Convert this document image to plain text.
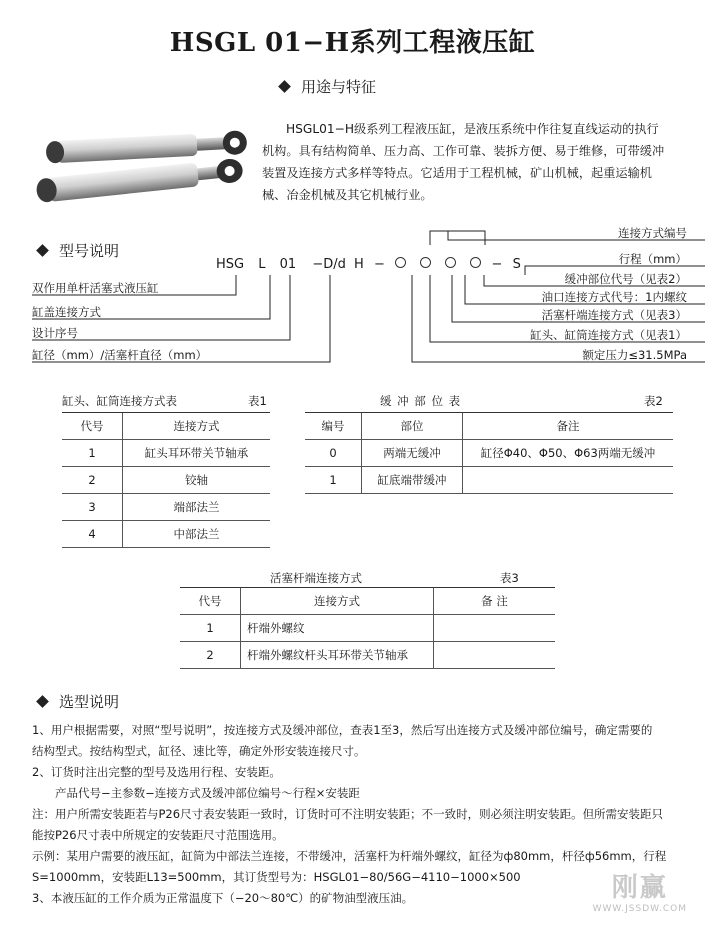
HSGL 01−H系列工程液压缸
用途与特征
HSGL01−H级系列工程液压缸，是液压系统中作往复直线运动的执行
机构。具有结构简单、压力高、工作可靠、装拆方便、易于维修，可带缓冲
装置及连接方式多样等特点。它适用于工程机械，矿山机械，起重运输机
械、冶金机械及其它机械行业。
型号说明
HSG L 01 −D/d H −	− S
双作用单杆活塞式液压缸
缸盖连接方式
设计序号
缸径（mm）/活塞杆直径（mm）
连接方式编号
行程（mm）
缓冲部位代号（见表2）
油口连接方式代号：1内螺纹
活塞杆端连接方式（见表3）
缸头、缸筒连接方式（见表1）
额定压力≤31.5MPa
缸头、缸筒连接方式表	表1
代号	连接方式
1	缸头耳环带关节轴承
2	铰轴
3	端部法兰
4	中部法兰
缓 冲 部 位 表	表2
编号	部位	备注
0	两端无缓冲	缸径Φ40、Φ50、Φ63两端无缓冲
1	缸底端带缓冲	
活塞杆端连接方式	表3
代号	连接方式	备 注
1	杆端外螺纹	
2	杆端外螺纹杆头耳环带关节轴承	
选型说明
1、用户根据需要，对照“型号说明”，按连接方式及缓冲部位，查表1至3，然后写出连接方式及缓冲部位编号，确定需要的
结构型式。按结构型式，缸径、速比等，确定外形安装连接尺寸。
2、订货时注出完整的型号及选用行程、安装距。
产品代号−主参数−连接方式及缓冲部位编号～行程×安装距
注：用户所需安装距若与P26尺寸表安装距一致时，订货时可不注明安装距；不一致时，则必须注明安装距。但所需安装距只
能按P26尺寸表中所规定的安装距尺寸范围选用。
示例：某用户需要的液压缸，缸筒为中部法兰连接，不带缓冲，活塞杆为杆端外螺纹，缸径为ф80mm，杆径ф56mm，行程
S=1000mm，安装距L13=500mm，其订货型号为：HSGL01−80/56G−4110−1000×500
3、本液压缸的工作介质为正常温度下（−20～80℃）的矿物油型液压油。	刚赢
WWW.JSSDW.COM
